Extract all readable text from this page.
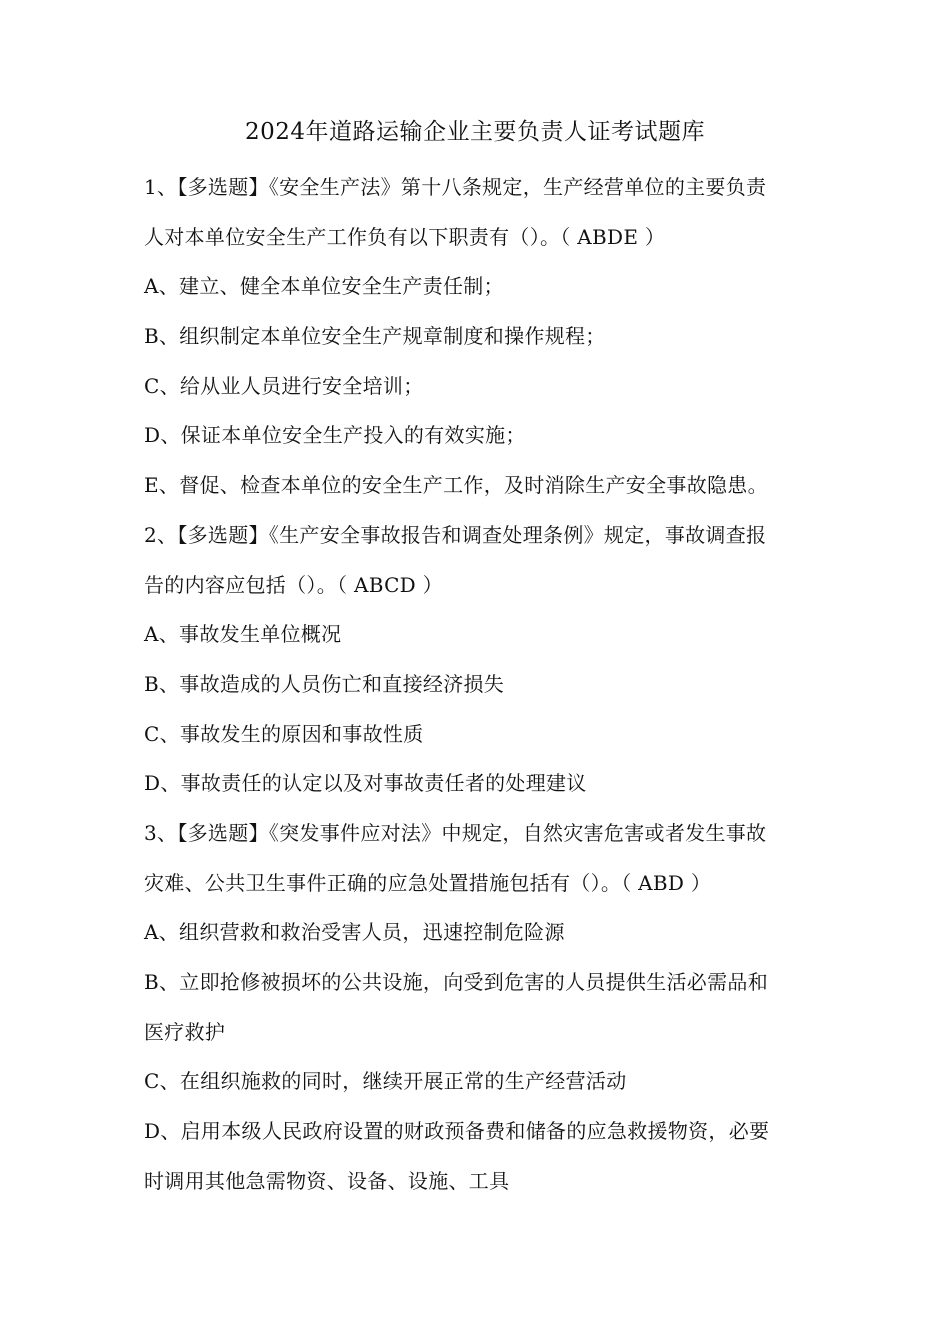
2024年道路运输企业主要负责人证考试题库
1、【多选题】《安全生产法》第十八条规定，生产经营单位的主要负责
人对本单位安全生产工作负有以下职责有（）。（ ABDE ）
A、建立、健全本单位安全生产责任制；
B、组织制定本单位安全生产规章制度和操作规程；
C、给从业人员进行安全培训；
D、保证本单位安全生产投入的有效实施；
E、督促、检查本单位的安全生产工作，及时消除生产安全事故隐患。
2、【多选题】《生产安全事故报告和调查处理条例》规定，事故调查报
告的内容应包括（）。（ ABCD ）
A、事故发生单位概况
B、事故造成的人员伤亡和直接经济损失
C、事故发生的原因和事故性质
D、事故责任的认定以及对事故责任者的处理建议
3、【多选题】《突发事件应对法》中规定，自然灾害危害或者发生事故
灾难、公共卫生事件正确的应急处置措施包括有（）。（ ABD ）
A、组织营救和救治受害人员，迅速控制危险源
B、立即抢修被损坏的公共设施，向受到危害的人员提供生活必需品和
医疗救护
C、在组织施救的同时，继续开展正常的生产经营活动
D、启用本级人民政府设置的财政预备费和储备的应急救援物资，必要
时调用其他急需物资、设备、设施、工具
